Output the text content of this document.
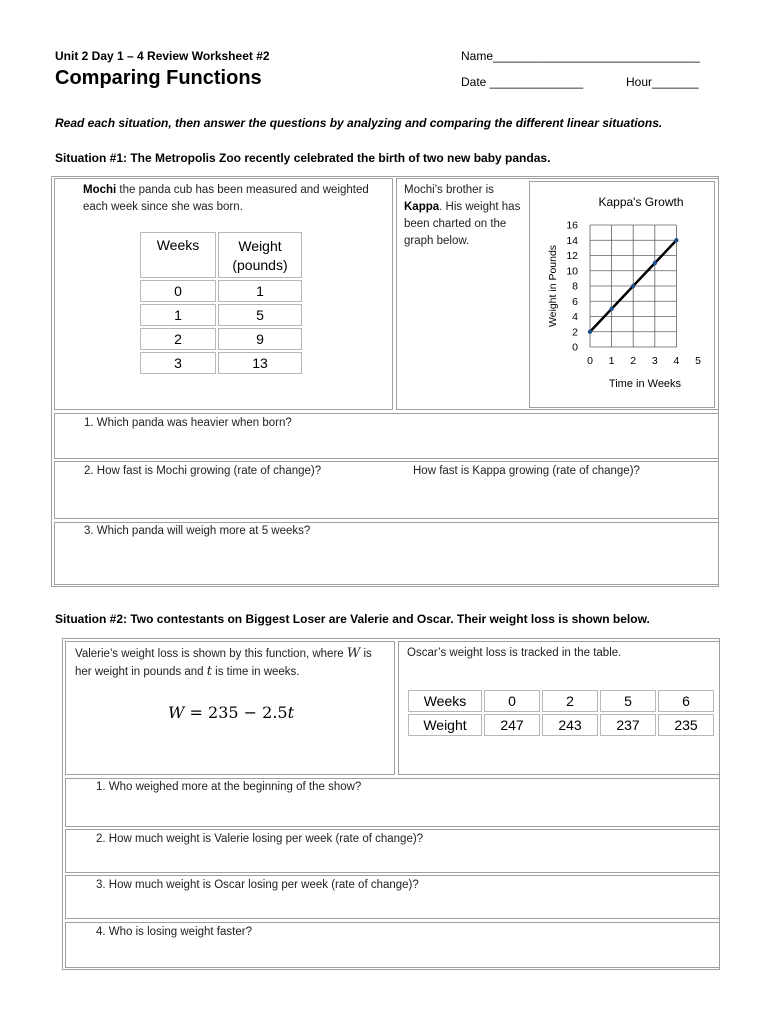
Unit 2 Day 1 – 4 Review Worksheet #2
Comparing Functions
Name_______________________________
Date ______________	Hour_______
Read each situation, then answer the questions by analyzing and comparing the different linear situations.
Situation #1: The Metropolis Zoo recently celebrated the birth of two new baby pandas.
Mochi the panda cub has been measured and weighted each week since she was born.
Weeks	Weight (pounds)
0	1
1	5
2	9
3	13
Mochi’s brother is Kappa. His weight has been charted on the graph below.
Kappa's Growth
Weight in Pounds
Time in Weeks
0
2
4
6
8
10
12
14
16
0 1 2 3 4 5
1. Which panda was heavier when born?
2. How fast is Mochi growing (rate of change)?	How fast is Kappa growing (rate of change)?
3. Which panda will weigh more at 5 weeks?
Situation #2: Two contestants on Biggest Loser are Valerie and Oscar. Their weight loss is shown below.
Valerie’s weight loss is shown by this function, where W is her weight in pounds and t is time in weeks.
W = 235 − 2.5t
Oscar’s weight loss is tracked in the table.
Weeks	0	2	5	6
Weight	247	243	237	235
1. Who weighed more at the beginning of the show?
2. How much weight is Valerie losing per week (rate of change)?
3. How much weight is Oscar losing per week (rate of change)?
4. Who is losing weight faster?
